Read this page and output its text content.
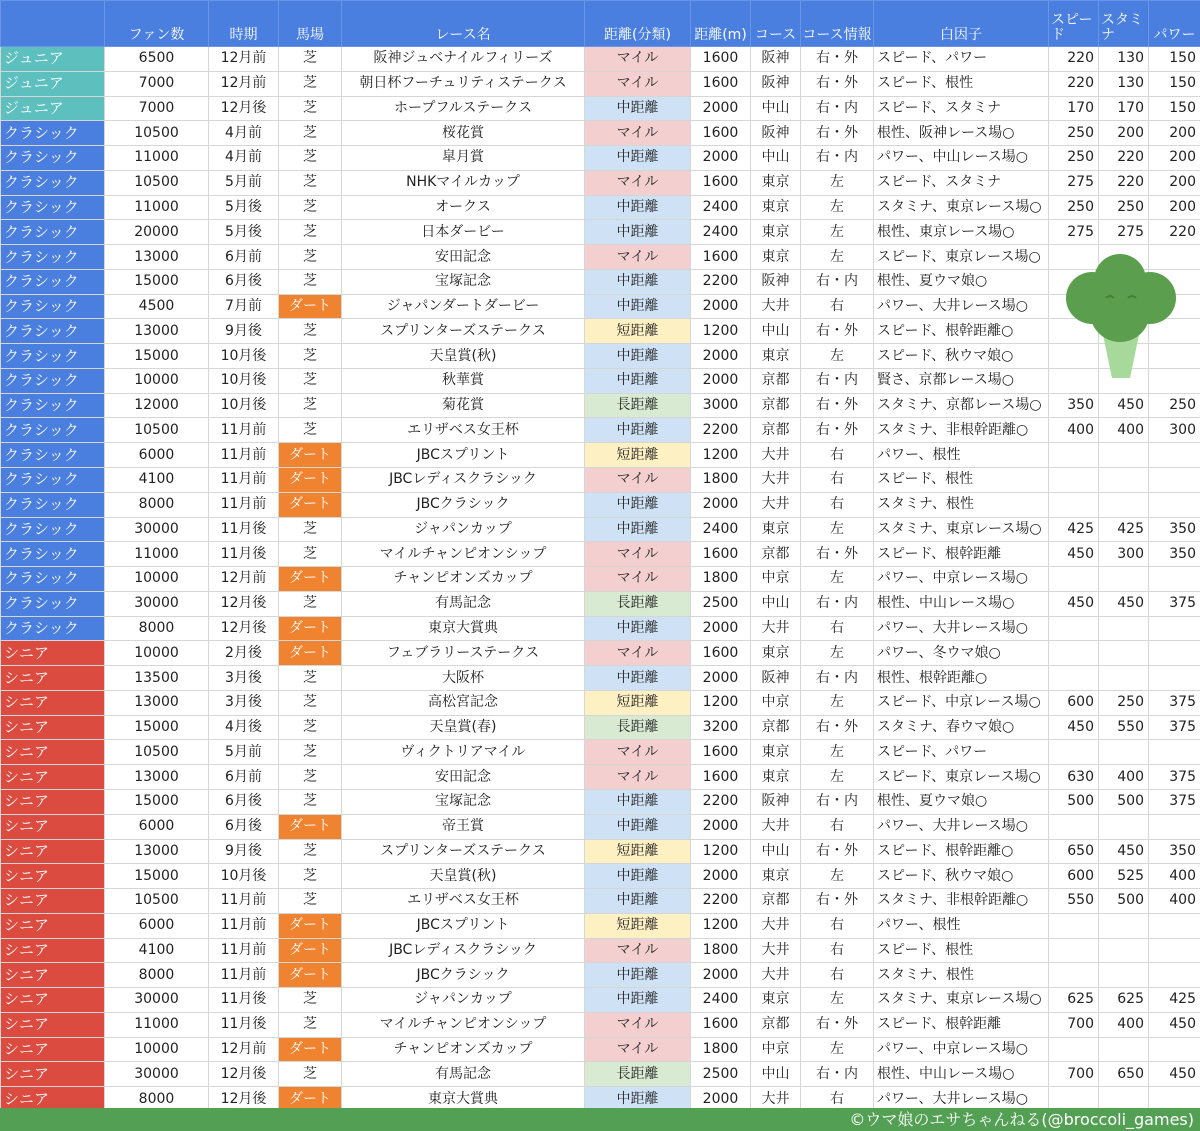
	ファン数	時期	馬場	レース名	距離(分類)	距離(m)	コース	コース情報	白因子	スピード	スタミナ	パワー
ジュニア	6500	12月前	芝	阪神ジュベナイルフィリーズ	マイル	1600	阪神	右・外	スピード、パワー	220	130	150
ジュニア	7000	12月前	芝	朝日杯フーチュリティステークス	マイル	1600	阪神	右・外	スピード、根性	220	130	150
ジュニア	7000	12月後	芝	ホープフルステークス	中距離	2000	中山	右・内	スピード、スタミナ	170	170	150
クラシック	10500	4月前	芝	桜花賞	マイル	1600	阪神	右・外	根性、阪神レース場○	250	200	200
クラシック	11000	4月前	芝	皐月賞	中距離	2000	中山	右・内	パワー、中山レース場○	250	220	200
クラシック	10500	5月前	芝	NHKマイルカップ	マイル	1600	東京	左	スピード、スタミナ	275	220	200
クラシック	11000	5月後	芝	オークス	中距離	2400	東京	左	スタミナ、東京レース場○	250	250	200
クラシック	20000	5月後	芝	日本ダービー	中距離	2400	東京	左	根性、東京レース場○	275	275	220
クラシック	13000	6月前	芝	安田記念	マイル	1600	東京	左	スピード、東京レース場○			
クラシック	15000	6月後	芝	宝塚記念	中距離	2200	阪神	右・内	根性、夏ウマ娘○			
クラシック	4500	7月前	ダート	ジャパンダートダービー	中距離	2000	大井	右	パワー、大井レース場○			
クラシック	13000	9月後	芝	スプリンターズステークス	短距離	1200	中山	右・外	スピード、根幹距離○			
クラシック	15000	10月後	芝	天皇賞(秋)	中距離	2000	東京	左	スピード、秋ウマ娘○			
クラシック	10000	10月後	芝	秋華賞	中距離	2000	京都	右・内	賢さ、京都レース場○			
クラシック	12000	10月後	芝	菊花賞	長距離	3000	京都	右・外	スタミナ、京都レース場○	350	450	250
クラシック	10500	11月前	芝	エリザベス女王杯	中距離	2200	京都	右・外	スタミナ、非根幹距離○	400	400	300
クラシック	6000	11月前	ダート	JBCスプリント	短距離	1200	大井	右	パワー、根性			
クラシック	4100	11月前	ダート	JBCレディスクラシック	マイル	1800	大井	右	スピード、根性			
クラシック	8000	11月前	ダート	JBCクラシック	中距離	2000	大井	右	スタミナ、根性			
クラシック	30000	11月後	芝	ジャパンカップ	中距離	2400	東京	左	スタミナ、東京レース場○	425	425	350
クラシック	11000	11月後	芝	マイルチャンピオンシップ	マイル	1600	京都	右・外	スピード、根幹距離	450	300	350
クラシック	10000	12月前	ダート	チャンピオンズカップ	マイル	1800	中京	左	パワー、中京レース場○			
クラシック	30000	12月後	芝	有馬記念	長距離	2500	中山	右・内	根性、中山レース場○	450	450	375
クラシック	8000	12月後	ダート	東京大賞典	中距離	2000	大井	右	パワー、大井レース場○			
シニア	10000	2月後	ダート	フェブラリーステークス	マイル	1600	東京	左	パワー、冬ウマ娘○			
シニア	13500	3月後	芝	大阪杯	中距離	2000	阪神	右・内	根性、根幹距離○			
シニア	13000	3月後	芝	高松宮記念	短距離	1200	中京	左	スピード、中京レース場○	600	250	375
シニア	15000	4月後	芝	天皇賞(春)	長距離	3200	京都	右・外	スタミナ、春ウマ娘○	450	550	375
シニア	10500	5月前	芝	ヴィクトリアマイル	マイル	1600	東京	左	スピード、パワー			
シニア	13000	6月前	芝	安田記念	マイル	1600	東京	左	スピード、東京レース場○	630	400	375
シニア	15000	6月後	芝	宝塚記念	中距離	2200	阪神	右・内	根性、夏ウマ娘○	500	500	375
シニア	6000	6月後	ダート	帝王賞	中距離	2000	大井	右	パワー、大井レース場○			
シニア	13000	9月後	芝	スプリンターズステークス	短距離	1200	中山	右・外	スピード、根幹距離○	650	450	350
シニア	15000	10月後	芝	天皇賞(秋)	中距離	2000	東京	左	スピード、秋ウマ娘○	600	525	400
シニア	10500	11月前	芝	エリザベス女王杯	中距離	2200	京都	右・外	スタミナ、非根幹距離○	550	500	400
シニア	6000	11月前	ダート	JBCスプリント	短距離	1200	大井	右	パワー、根性			
シニア	4100	11月前	ダート	JBCレディスクラシック	マイル	1800	大井	右	スピード、根性			
シニア	8000	11月前	ダート	JBCクラシック	中距離	2000	大井	右	スタミナ、根性			
シニア	30000	11月後	芝	ジャパンカップ	中距離	2400	東京	左	スタミナ、東京レース場○	625	625	425
シニア	11000	11月後	芝	マイルチャンピオンシップ	マイル	1600	京都	右・外	スピード、根幹距離	700	400	450
シニア	10000	12月前	ダート	チャンピオンズカップ	マイル	1800	中京	左	パワー、中京レース場○			
シニア	30000	12月後	芝	有馬記念	長距離	2500	中山	右・内	根性、中山レース場○	700	650	450
シニア	8000	12月後	ダート	東京大賞典	中距離	2000	大井	右	パワー、大井レース場○			
©ウマ娘のエサちゃんねる(@broccoli_games)
